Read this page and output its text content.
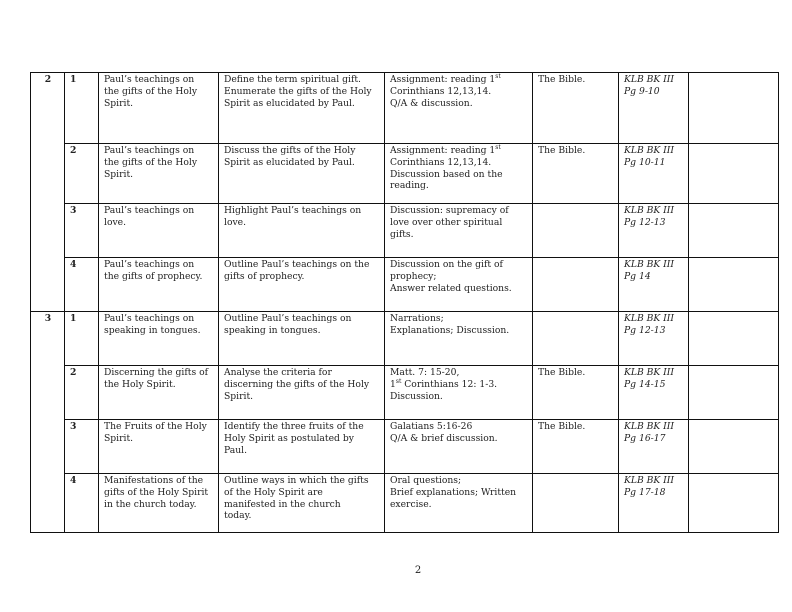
2	1	Paul’s teachings on
the gifts of the Holy
Spirit.	Define the term spiritual gift.
Enumerate the gifts of the Holy
Spirit as elucidated by Paul.	Assignment: reading 1st
Corinthians 12,13,14.
Q/A & discussion.	The Bible.	KLB BK III
Pg 9-10	

	2	Paul’s teachings on
the gifts of the Holy
Spirit.	Discuss the gifts of the Holy
Spirit as elucidated by Paul.	Assignment: reading 1st
Corinthians 12,13,14.
Discussion based on the
reading.	The Bible.	KLB BK III
Pg 10-11	

	3	Paul’s teachings on
love.	Highlight Paul’s teachings on
love.	Discussion: supremacy of
love over other spiritual
gifts.		KLB BK III
Pg 12-13	

	4	Paul’s teachings on
the gifts of prophecy.	Outline Paul’s teachings on the
gifts of prophecy.	Discussion on the gift of
prophecy;
Answer related questions.		KLB BK III
Pg 14	

3	1	Paul’s teachings on
speaking in tongues.	Outline Paul’s teachings on
speaking in tongues.	Narrations;
Explanations; Discussion.		KLB BK III
Pg 12-13	

	2	Discerning the gifts of
the Holy Spirit.	Analyse the criteria for
discerning the gifts of the Holy
Spirit.	Matt. 7: 15-20,
1st Corinthians 12: 1-3.
Discussion.	The Bible.	KLB BK III
Pg 14-15	

	3	The Fruits of the Holy
Spirit.	Identify the three fruits of the
Holy Spirit as postulated by
Paul.	Galatians 5:16-26
Q/A & brief discussion.	The Bible.	KLB BK III
Pg 16-17	

	4	Manifestations of the
gifts of the Holy Spirit
in the church today.	Outline ways in which the gifts
of the Holy Spirit are
manifested in the church
today.	Oral questions;
Brief explanations; Written
exercise.		KLB BK III
Pg 17-18	

2
